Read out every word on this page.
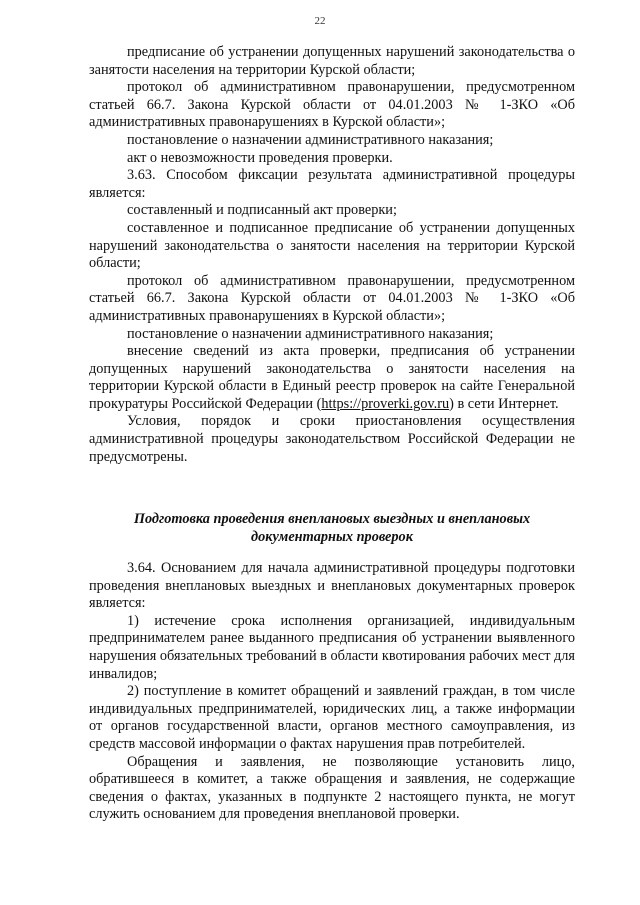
22

предписание об устранении допущенных нарушений законодательства о занятости населения на территории Курской области;

протокол об административном правонарушении, предусмотренном статьей 66.7. Закона Курской области от 04.01.2003 № 1-ЗКО «Об административных правонарушениях в Курской области»;

постановление о назначении административного наказания;

акт о невозможности проведения проверки.

3.63. Способом фиксации результата административной процедуры является:

составленный и подписанный акт проверки;

составленное и подписанное предписание об устранении допущенных нарушений законодательства о занятости населения на территории Курской области;

протокол об административном правонарушении, предусмотренном статьей 66.7. Закона Курской области от 04.01.2003 № 1-ЗКО «Об административных правонарушениях в Курской области»;

постановление о назначении административного наказания;

внесение сведений из акта проверки, предписания об устранении допущенных нарушений законодательства о занятости населения на территории Курской области в Единый реестр проверок на сайте Генеральной прокуратуры Российской Федерации (https://proverki.gov.ru) в сети Интернет.

Условия, порядок и сроки приостановления осуществления административной процедуры законодательством Российской Федерации не предусмотрены.

Подготовка проведения внеплановых выездных и внеплановых
документарных проверок

3.64. Основанием для начала административной процедуры подготовки проведения внеплановых выездных и внеплановых документарных проверок является:

1) истечение срока исполнения организацией, индивидуальным предпринимателем ранее выданного предписания об устранении выявленного нарушения обязательных требований в области квотирования рабочих мест для инвалидов;

2) поступление в комитет обращений и заявлений граждан, в том числе индивидуальных предпринимателей, юридических лиц, а также информации от органов государственной власти, органов местного самоуправления, из средств массовой информации о фактах нарушения прав потребителей.

Обращения и заявления, не позволяющие установить лицо, обратившееся в комитет, а также обращения и заявления, не содержащие сведения о фактах, указанных в подпункте 2 настоящего пункта, не могут служить основанием для проведения внеплановой проверки.
